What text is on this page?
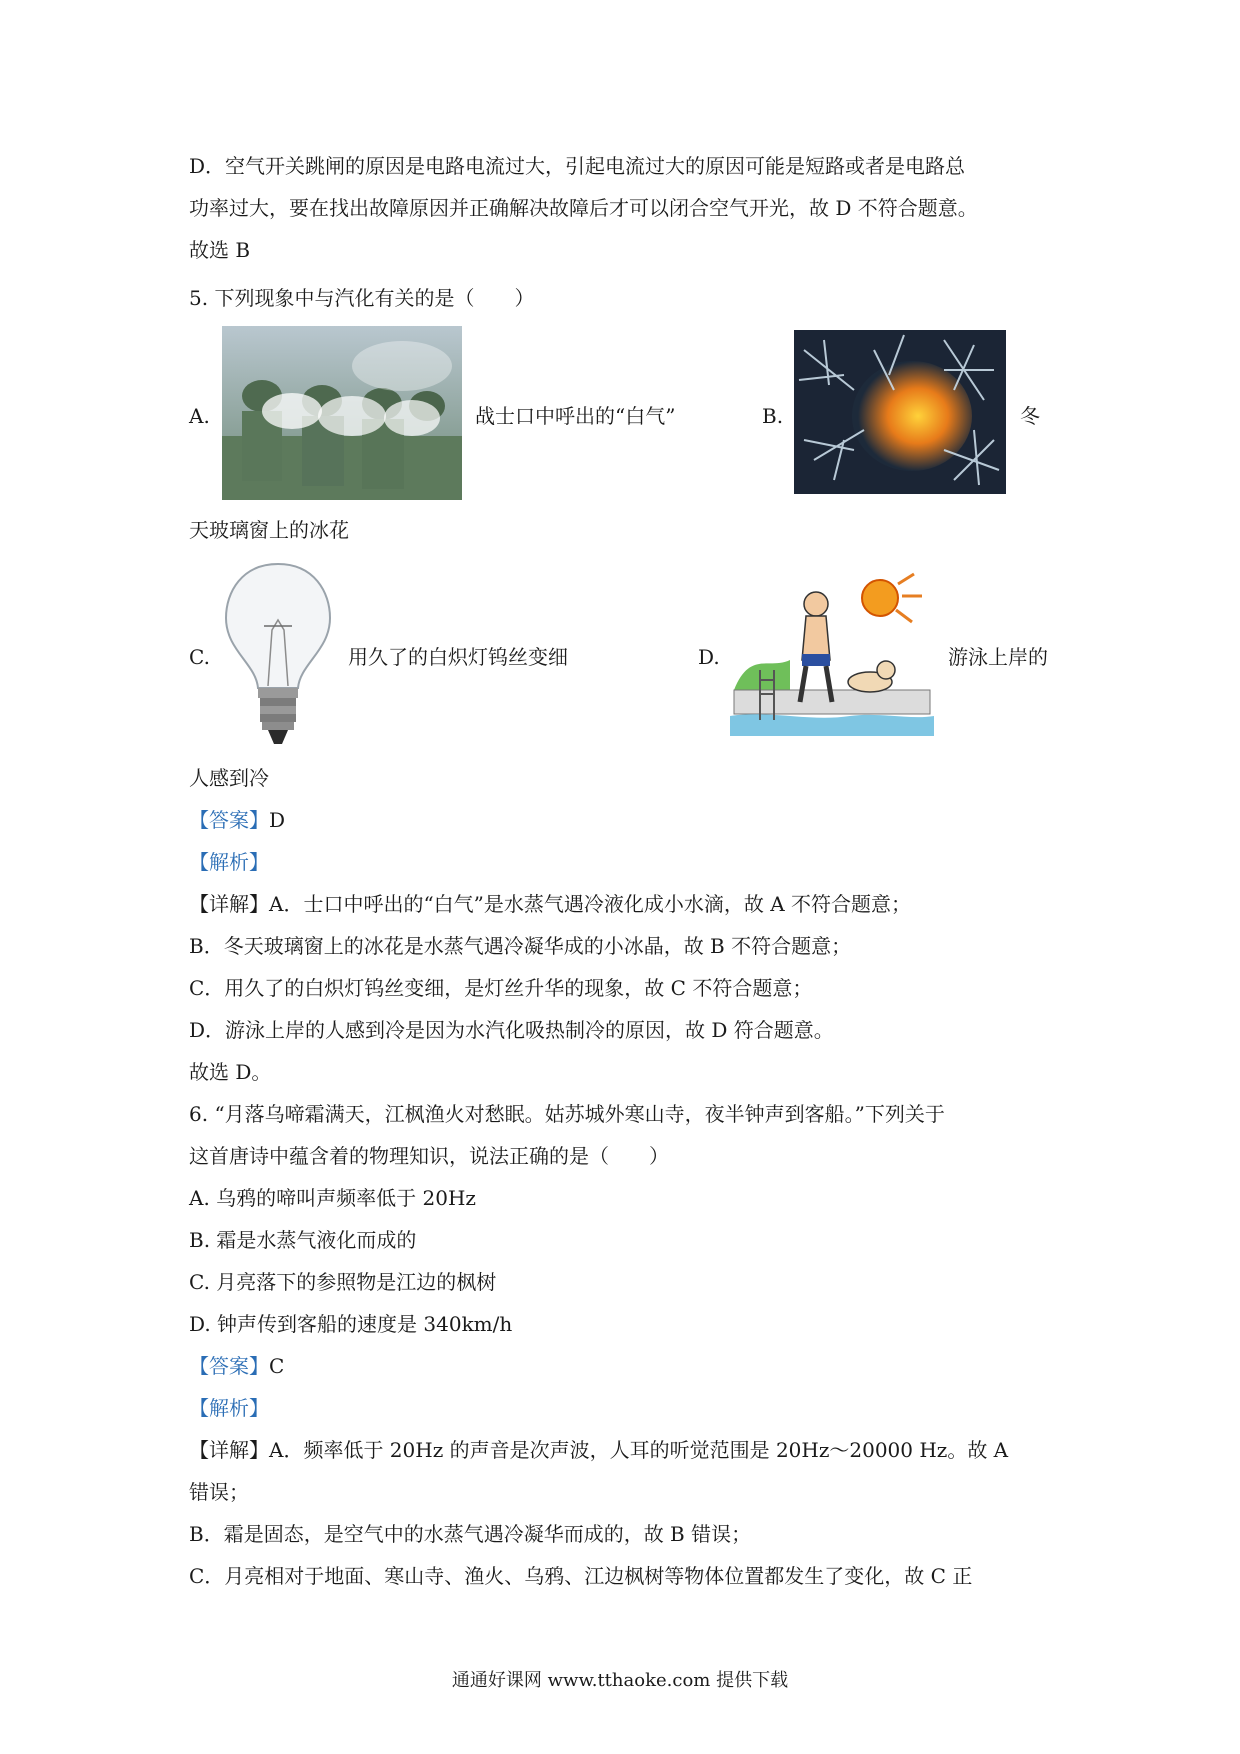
D．空气开关跳闸的原因是电路电流过大，引起电流过大的原因可能是短路或者是电路总
功率过大，要在找出故障原因并正确解决故障后才可以闭合空气开光，故 D 不符合题意。
故选 B
5. 下列现象中与汽化有关的是（　　）
A.	战士口中呼出的“白气”	B.	冬
天玻璃窗上的冰花
C.	用久了的白炽灯钨丝变细	D.	游泳上岸的
人感到冷
【答案】D
【解析】
【详解】A．士口中呼出的“白气”是水蒸气遇冷液化成小水滴，故 A 不符合题意；
B．冬天玻璃窗上的冰花是水蒸气遇冷凝华成的小冰晶，故 B 不符合题意；
C．用久了的白炽灯钨丝变细，是灯丝升华的现象，故 C 不符合题意；
D．游泳上岸的人感到冷是因为水汽化吸热制冷的原因，故 D 符合题意。
故选 D。
6. “月落乌啼霜满天，江枫渔火对愁眠。姑苏城外寒山寺，夜半钟声到客船。”下列关于
这首唐诗中蕴含着的物理知识，说法正确的是（　　）
A. 乌鸦的啼叫声频率低于 20Hz
B. 霜是水蒸气液化而成的
C. 月亮落下的参照物是江边的枫树
D. 钟声传到客船的速度是 340km/h
【答案】C
【解析】
【详解】A．频率低于 20Hz 的声音是次声波，人耳的听觉范围是 20Hz～20000 Hz。故 A
错误；
B．霜是固态，是空气中的水蒸气遇冷凝华而成的，故 B 错误；
C．月亮相对于地面、寒山寺、渔火、乌鸦、江边枫树等物体位置都发生了变化，故 C 正
通通好课网 www.tthaoke.com 提供下载
